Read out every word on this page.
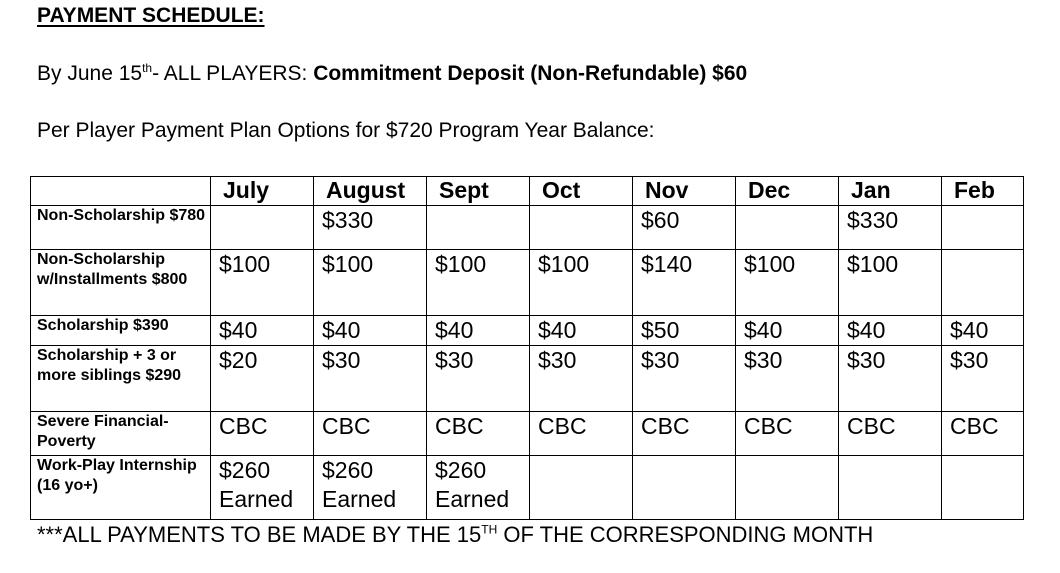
PAYMENT SCHEDULE:
By June 15th- ALL PLAYERS: Commitment Deposit (Non-Refundable) $60
Per Player Payment Plan Options for $720 Program Year Balance:
	July	August	Sept	Oct	Nov	Dec	Jan	Feb
Non-Scholarship $780		$330			$60		$330	
Non-Scholarship w/Installments $800	$100	$100	$100	$100	$140	$100	$100	
Scholarship $390	$40	$40	$40	$40	$50	$40	$40	$40
Scholarship + 3 or more siblings $290	$20	$30	$30	$30	$30	$30	$30	$30
Severe Financial-Poverty	CBC	CBC	CBC	CBC	CBC	CBC	CBC	CBC
Work-Play Internship (16 yo+)	$260 Earned	$260 Earned	$260 Earned					
***ALL PAYMENTS TO BE MADE BY THE 15TH OF THE CORRESPONDING MONTH
